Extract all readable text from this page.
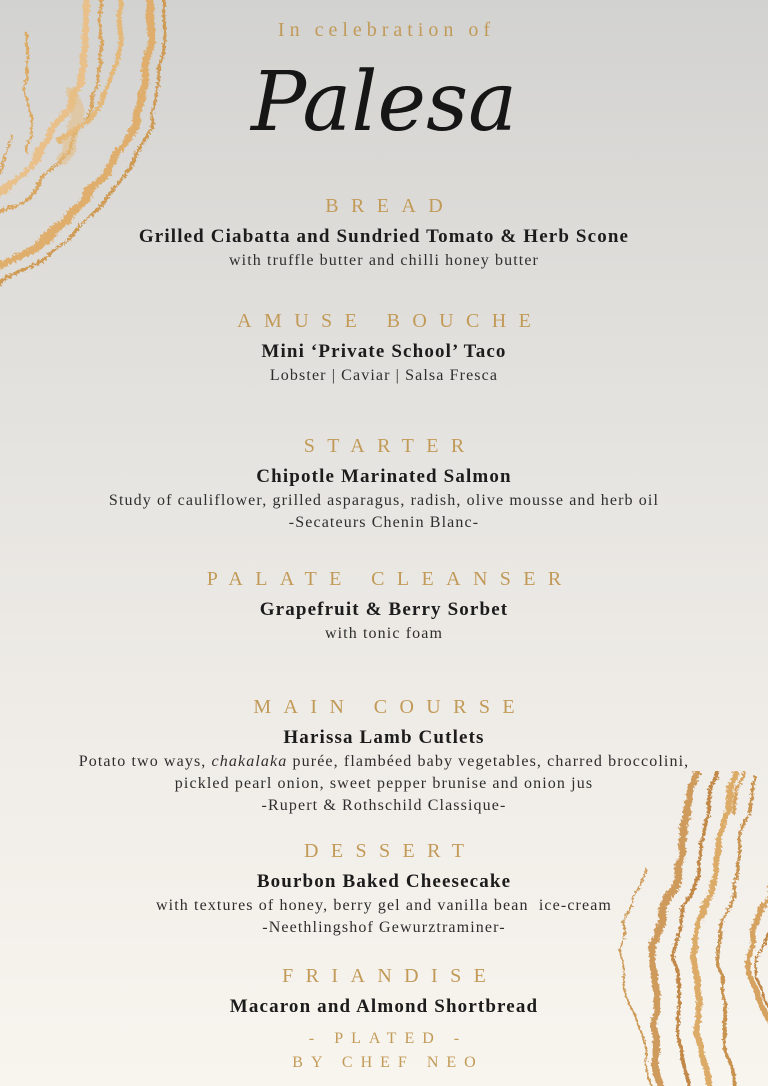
In celebration of
Palesa
BREAD
Grilled Ciabatta and Sundried Tomato & Herb Scone
with truffle butter and chilli honey butter
AMUSE BOUCHE
Mini ‘Private School’ Taco
Lobster | Caviar | Salsa Fresca
STARTER
Chipotle Marinated Salmon
Study of cauliflower, grilled asparagus, radish, olive mousse and herb oil
-Secateurs Chenin Blanc-
PALATE CLEANSER
Grapefruit & Berry Sorbet
with tonic foam
MAIN COURSE
Harissa Lamb Cutlets
Potato two ways, chakalaka purée, flambéed baby vegetables, charred broccolini,
pickled pearl onion, sweet pepper brunise and onion jus
-Rupert & Rothschild Classique-
DESSERT
Bourbon Baked Cheesecake
with textures of honey, berry gel and vanilla bean  ice-cream
-Neethlingshof Gewurztraminer-
FRIANDISE
Macaron and Almond Shortbread
- PLATED -
BY CHEF NEO
